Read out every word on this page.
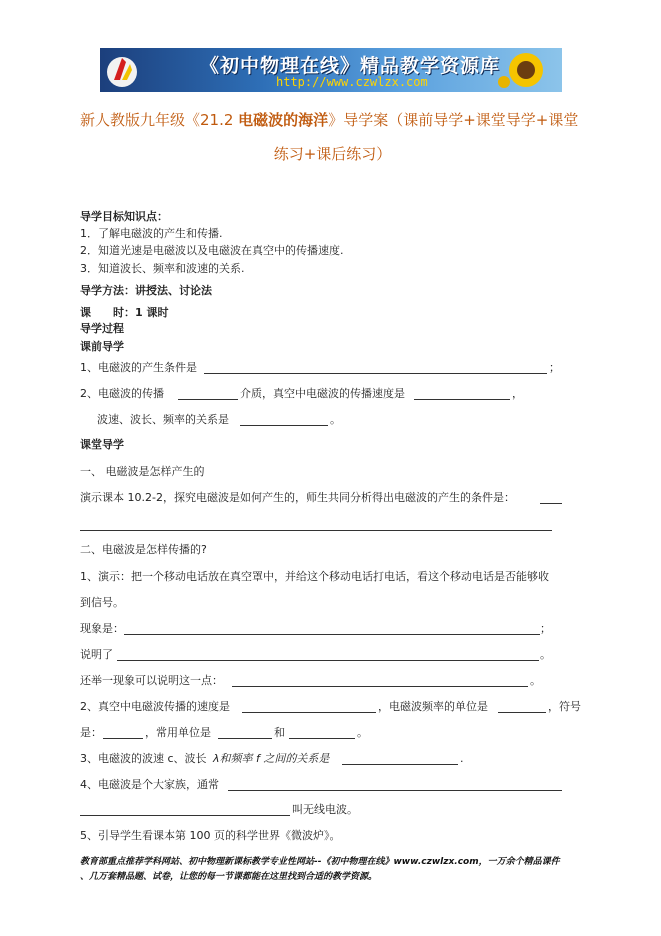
《初中物理在线》精品教学资源库
http://www.czwlzx.com
新人教版九年级《21.2 电磁波的海洋》导学案（课前导学+课堂导学+课堂
练习+课后练习）
导学目标知识点：
1．了解电磁波的产生和传播.
2．知道光速是电磁波以及电磁波在真空中的传播速度.
3．知道波长、频率和波速的关系.
导学方法：讲授法、讨论法
课　　时：1 课时
导学过程
课前导学
1、电磁波的产生条件是	；
2、电磁波的传播	介质，真空中电磁波的传播速度是	，
波速、波长、频率的关系是	。
课堂导学
一、 电磁波是怎样产生的
演示课本 10.2-2，探究电磁波是如何产生的，师生共同分析得出电磁波的产生的条件是：
二、电磁波是怎样传播的?
1、演示：把一个移动电话放在真空罩中，并给这个移动电话打电话，看这个移动电话是否能够收
到信号。
现象是：	；
说明了	。
还举一现象可以说明这一点：	。
2、真空中电磁波传播的速度是	，电磁波频率的单位是	，符号
是：	，常用单位是	和	。
3、电磁波的波速 c、波长 λ和频率 f 之间的关系是	.
4、电磁波是个大家族，通常
叫无线电波。
5、引导学生看课本第 100 页的科学世界《微波炉》。
教育部重点推荐学科网站、初中物理新课标教学专业性网站--《初中物理在线》www.czwlzx.com，一万余个精品课件
、几万套精品题、试卷，让您的每一节课都能在这里找到合适的教学资源。
